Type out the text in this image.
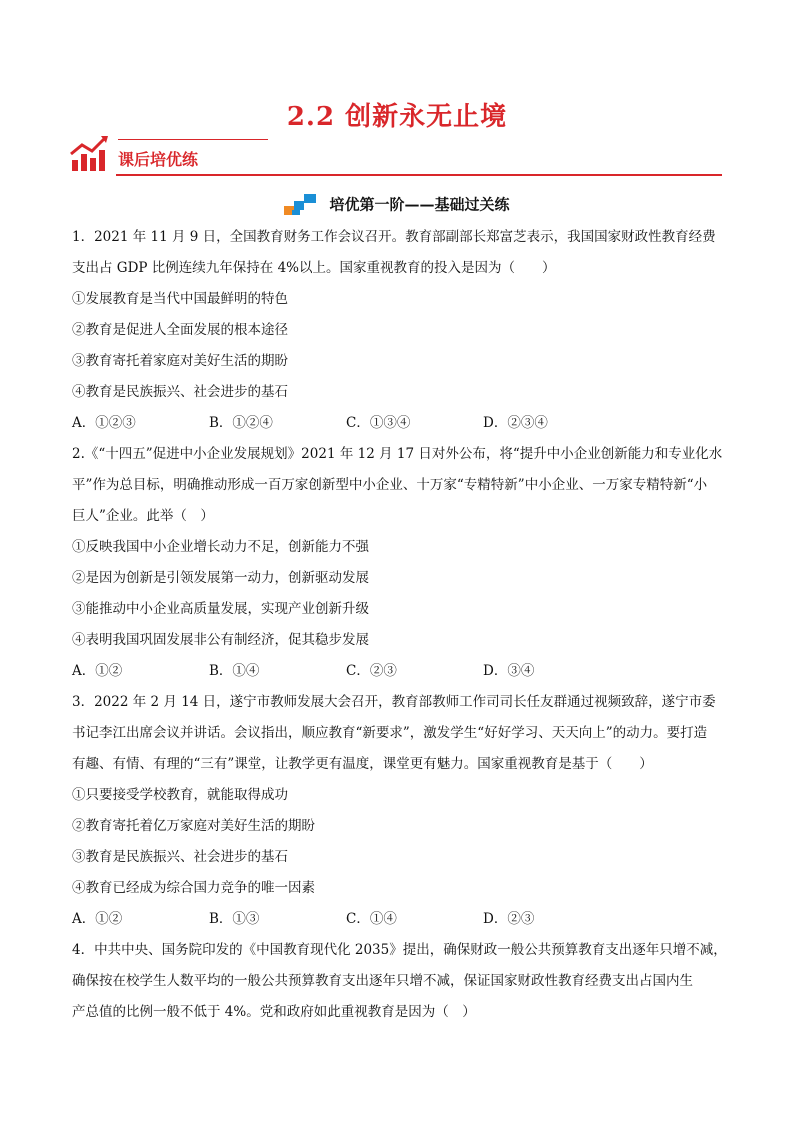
2.2 创新永无止境
课后培优练
培优第一阶——基础过关练
1．2021 年 11 月 9 日，全国教育财务工作会议召开。教育部副部长郑富芝表示，我国国家财政性教育经费
支出占 GDP 比例连续九年保持在 4%以上。国家重视教育的投入是因为（　　）
①发展教育是当代中国最鲜明的特色
②教育是促进人全面发展的根本途径
③教育寄托着家庭对美好生活的期盼
④教育是民族振兴、社会进步的基石
A．①②③	B．①②④	C．①③④	D．②③④
2.《“十四五”促进中小企业发展规划》2021 年 12 月 17 日对外公布，将“提升中小企业创新能力和专业化水
平”作为总目标，明确推动形成一百万家创新型中小企业、十万家“专精特新”中小企业、一万家专精特新“小
巨人”企业。此举（　）
①反映我国中小企业增长动力不足，创新能力不强
②是因为创新是引领发展第一动力，创新驱动发展
③能推动中小企业高质量发展，实现产业创新升级
④表明我国巩固发展非公有制经济，促其稳步发展
A．①②	B．①④	C．②③	D．③④
3．2022 年 2 月 14 日，遂宁市教师发展大会召开，教育部教师工作司司长任友群通过视频致辞，遂宁市委
书记李江出席会议并讲话。会议指出，顺应教育“新要求”，激发学生“好好学习、天天向上”的动力。要打造
有趣、有情、有理的“三有”课堂，让教学更有温度，课堂更有魅力。国家重视教育是基于（　　）
①只要接受学校教育，就能取得成功
②教育寄托着亿万家庭对美好生活的期盼
③教育是民族振兴、社会进步的基石
④教育已经成为综合国力竞争的唯一因素
A．①②	B．①③	C．①④	D．②③
4．中共中央、国务院印发的《中国教育现代化 2035》提出，确保财政一般公共预算教育支出逐年只增不减，
确保按在校学生人数平均的一般公共预算教育支出逐年只增不减，保证国家财政性教育经费支出占国内生
产总值的比例一般不低于 4%。党和政府如此重视教育是因为（　）
